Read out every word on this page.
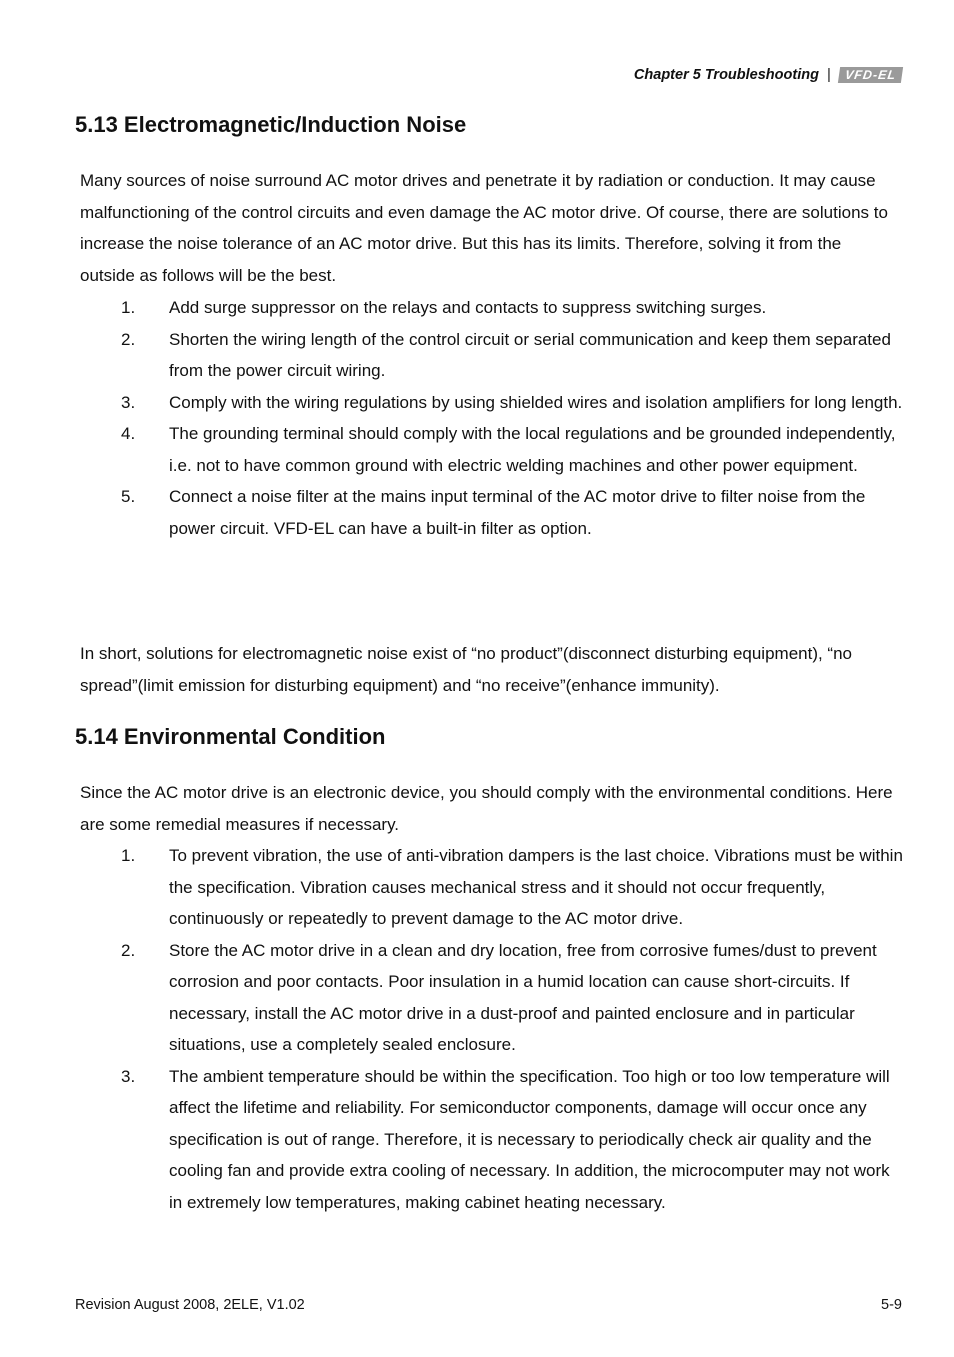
Chapter 5 Troubleshooting |	VFD-EL
5.13 Electromagnetic/Induction Noise

Many sources of noise surround AC motor drives and penetrate it by radiation or conduction. It may cause malfunctioning of the control circuits and even damage the AC motor drive. Of course, there are solutions to increase the noise tolerance of an AC motor drive. But this has its limits. Therefore, solving it from the outside as follows will be the best.

1. Add surge suppressor on the relays and contacts to suppress switching surges.
2. Shorten the wiring length of the control circuit or serial communication and keep them separated from the power circuit wiring.
3. Comply with the wiring regulations by using shielded wires and isolation amplifiers for long length.
4. The grounding terminal should comply with the local regulations and be grounded independently, i.e. not to have common ground with electric welding machines and other power equipment.
5. Connect a noise filter at the mains input terminal of the AC motor drive to filter noise from the power circuit. VFD-EL can have a built-in filter as option.

In short, solutions for electromagnetic noise exist of “no product”(disconnect disturbing equipment), “no spread”(limit emission for disturbing equipment) and “no receive”(enhance immunity).

5.14 Environmental Condition

Since the AC motor drive is an electronic device, you should comply with the environmental conditions. Here are some remedial measures if necessary.

1. To prevent vibration, the use of anti-vibration dampers is the last choice. Vibrations must be within the specification. Vibration causes mechanical stress and it should not occur frequently, continuously or repeatedly to prevent damage to the AC motor drive.
2. Store the AC motor drive in a clean and dry location, free from corrosive fumes/dust to prevent corrosion and poor contacts. Poor insulation in a humid location can cause short-circuits. If necessary, install the AC motor drive in a dust-proof and painted enclosure and in particular situations, use a completely sealed enclosure.
3. The ambient temperature should be within the specification. Too high or too low temperature will affect the lifetime and reliability. For semiconductor components, damage will occur once any specification is out of range. Therefore, it is necessary to periodically check air quality and the cooling fan and provide extra cooling of necessary. In addition, the microcomputer may not work in extremely low temperatures, making cabinet heating necessary.
Revision August 2008, 2ELE, V1.02	5-9
